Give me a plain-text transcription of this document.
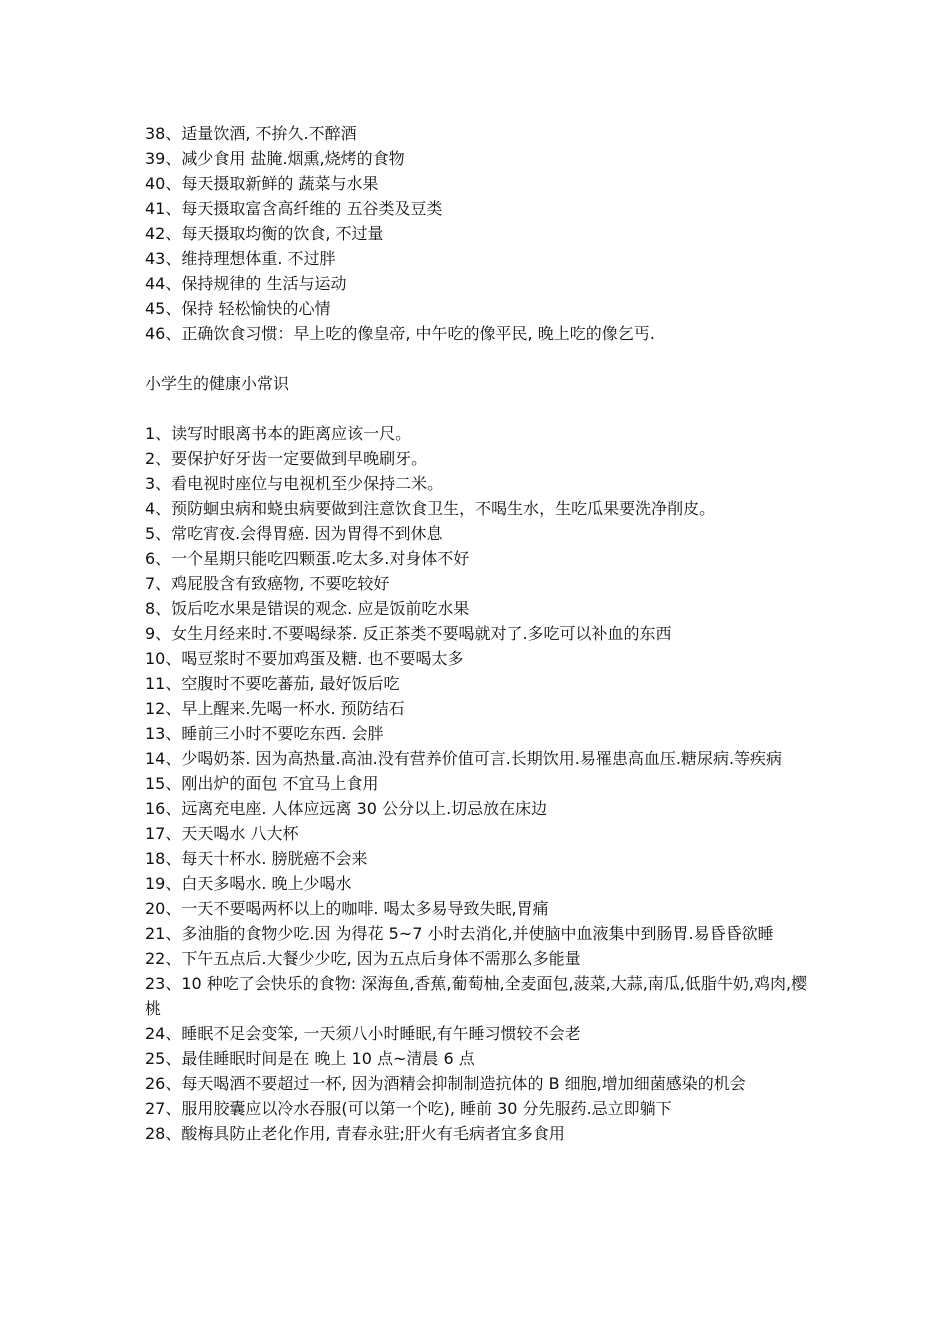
38、适量饮酒, 不拚久.不醉酒
39、减少食用 盐腌.烟熏,烧烤的食物
40、每天摄取新鲜的 蔬菜与水果
41、每天摄取富含高纤维的 五谷类及豆类
42、每天摄取均衡的饮食, 不过量
43、维持理想体重. 不过胖
44、保持规律的 生活与运动
45、保持 轻松愉快的心情
46、正确饮食习惯：早上吃的像皇帝, 中午吃的像平民, 晚上吃的像乞丐.
小学生的健康小常识
1、读写时眼离书本的距离应该一尺。
2、要保护好牙齿一定要做到早晚刷牙。
3、看电视时座位与电视机至少保持二米。
4、预防蛔虫病和蛲虫病要做到注意饮食卫生，不喝生水，生吃瓜果要洗净削皮。
5、常吃宵夜.会得胃癌. 因为胃得不到休息
6、一个星期只能吃四颗蛋.吃太多.对身体不好
7、鸡屁股含有致癌物, 不要吃较好
8、饭后吃水果是错误的观念. 应是饭前吃水果
9、女生月经来时.不要喝绿茶. 反正茶类不要喝就对了.多吃可以补血的东西
10、喝豆浆时不要加鸡蛋及糖. 也不要喝太多
11、空腹时不要吃蕃茄, 最好饭后吃
12、早上醒来.先喝一杯水. 预防结石
13、睡前三小时不要吃东西. 会胖
14、少喝奶茶. 因为高热量.高油.没有营养价值可言.长期饮用.易罹患高血压.糖尿病.等疾病
15、刚出炉的面包 不宜马上食用
16、远离充电座. 人体应远离 30 公分以上.切忌放在床边
17、天天喝水 八大杯
18、每天十杯水. 膀胱癌不会来
19、白天多喝水. 晚上少喝水
20、一天不要喝两杯以上的咖啡. 喝太多易导致失眠,胃痛
21、多油脂的食物少吃.因 为得花 5~7 小时去消化,并使脑中血液集中到肠胃.易昏昏欲睡
22、下午五点后.大餐少少吃, 因为五点后身体不需那么多能量
23、10 种吃了会快乐的食物: 深海鱼,香蕉,葡萄柚,全麦面包,菠菜,大蒜,南瓜,低脂牛奶,鸡肉,樱桃
24、睡眠不足会变笨, 一天须八小时睡眠,有午睡习惯较不会老
25、最佳睡眠时间是在 晚上 10 点~清晨 6 点
26、每天喝酒不要超过一杯, 因为酒精会抑制制造抗体的 B 细胞,增加细菌感染的机会
27、服用胶囊应以冷水吞服(可以第一个吃), 睡前 30 分先服药.忌立即躺下
28、酸梅具防止老化作用, 青春永驻;肝火有毛病者宜多食用
